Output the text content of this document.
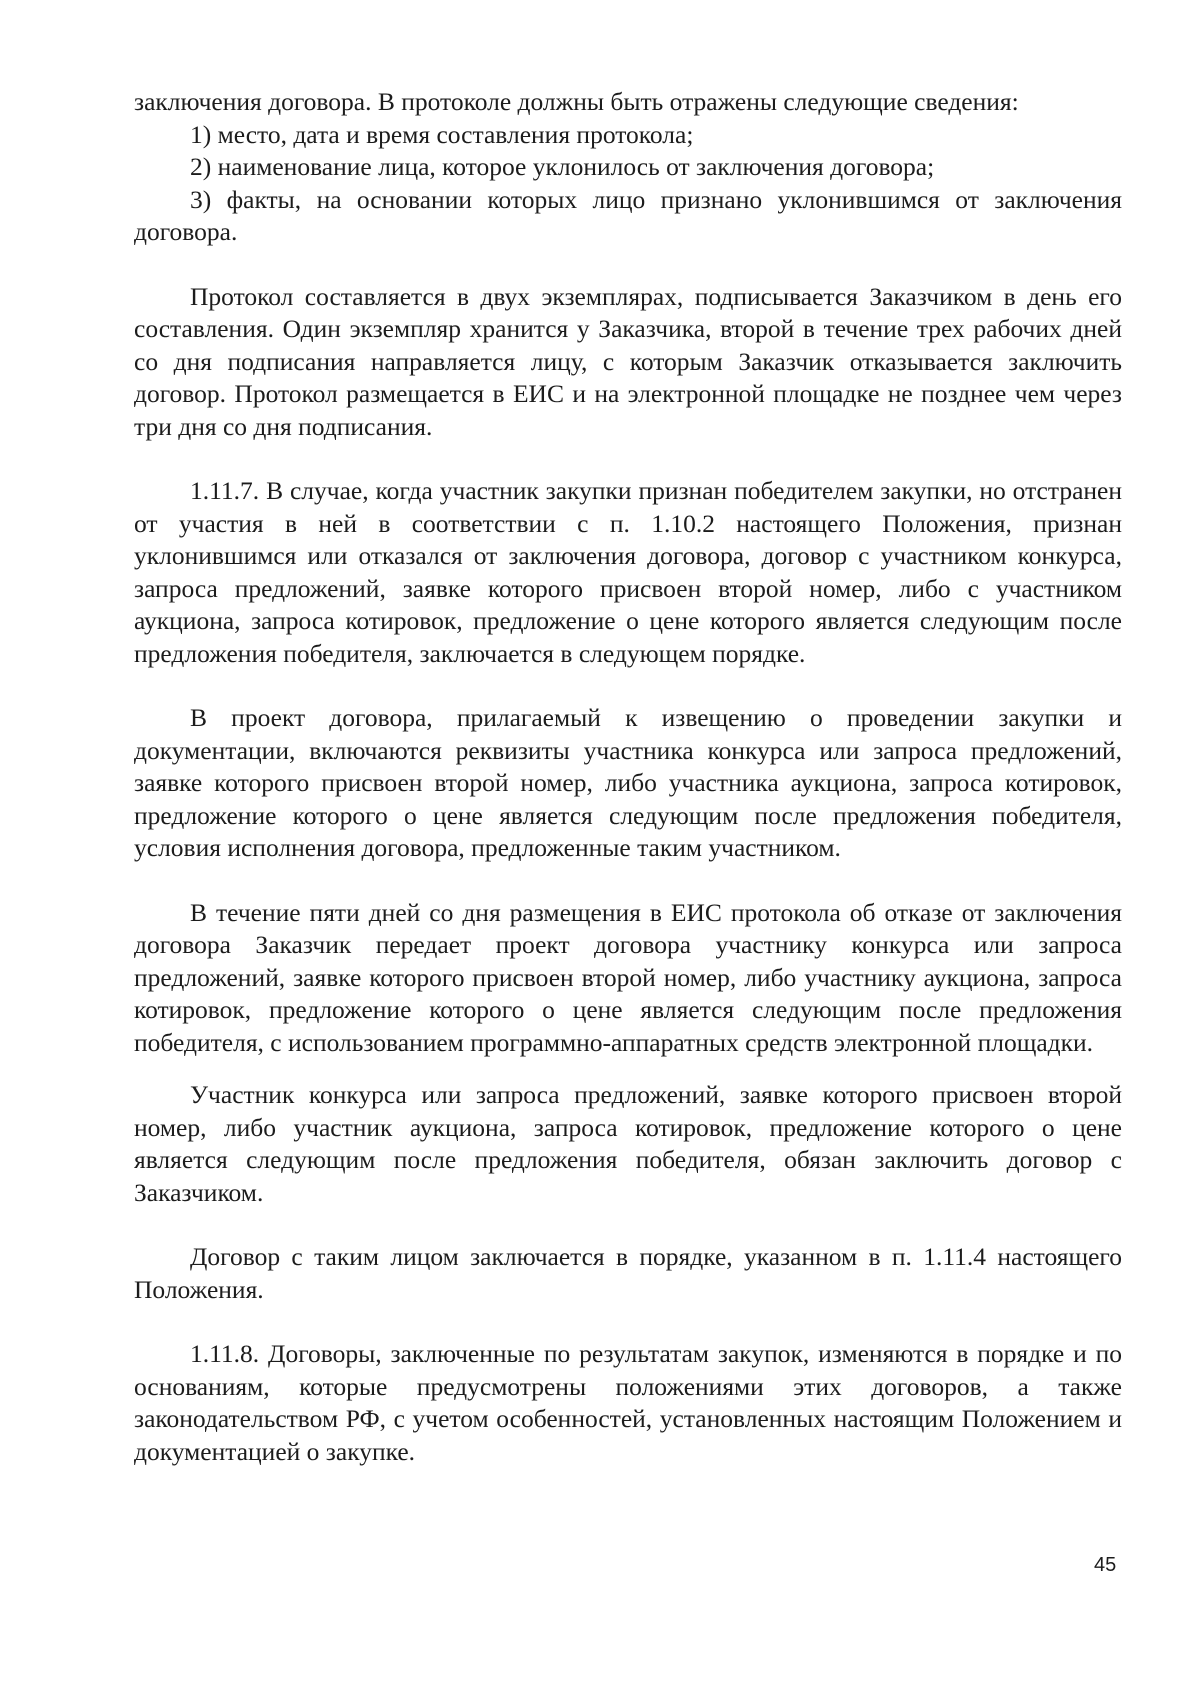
заключения договора. В протоколе должны быть отражены следующие сведения:

1) место, дата и время составления протокола;

2) наименование лица, которое уклонилось от заключения договора;

3) факты, на основании которых лицо признано уклонившимся от заключения договора.

Протокол составляется в двух экземплярах, подписывается Заказчиком в день его составления. Один экземпляр хранится у Заказчика, второй в течение трех рабочих дней со дня подписания направляется лицу, с которым Заказчик отказывается заключить договор. Протокол размещается в ЕИС и на электронной площадке не позднее чем через три дня со дня подписания.

1.11.7. В случае, когда участник закупки признан победителем закупки, но отстранен от участия в ней в соответствии с п. 1.10.2 настоящего Положения, признан уклонившимся или отказался от заключения договора, договор с участником конкурса, запроса предложений, заявке которого присвоен второй номер, либо с участником аукциона, запроса котировок, предложение о цене которого является следующим после предложения победителя, заключается в следующем порядке.

В проект договора, прилагаемый к извещению о проведении закупки и документации, включаются реквизиты участника конкурса или запроса предложений, заявке которого присвоен второй номер, либо участника аукциона, запроса котировок, предложение которого о цене является следующим после предложения победителя, условия исполнения договора, предложенные таким участником.

В течение пяти дней со дня размещения в ЕИС протокола об отказе от заключения договора Заказчик передает проект договора участнику конкурса или запроса предложений, заявке которого присвоен второй номер, либо участнику аукциона, запроса котировок, предложение которого о цене является следующим после предложения победителя, с использованием программно-аппаратных средств электронной площадки.

Участник конкурса или запроса предложений, заявке которого присвоен второй номер, либо участник аукциона, запроса котировок, предложение которого о цене является следующим после предложения победителя, обязан заключить договор с Заказчиком.

Договор с таким лицом заключается в порядке, указанном в п. 1.11.4 настоящего Положения.

1.11.8. Договоры, заключенные по результатам закупок, изменяются в порядке и по основаниям, которые предусмотрены положениями этих договоров, а также законодательством РФ, с учетом особенностей, установленных настоящим Положением и документацией о закупке.

45
